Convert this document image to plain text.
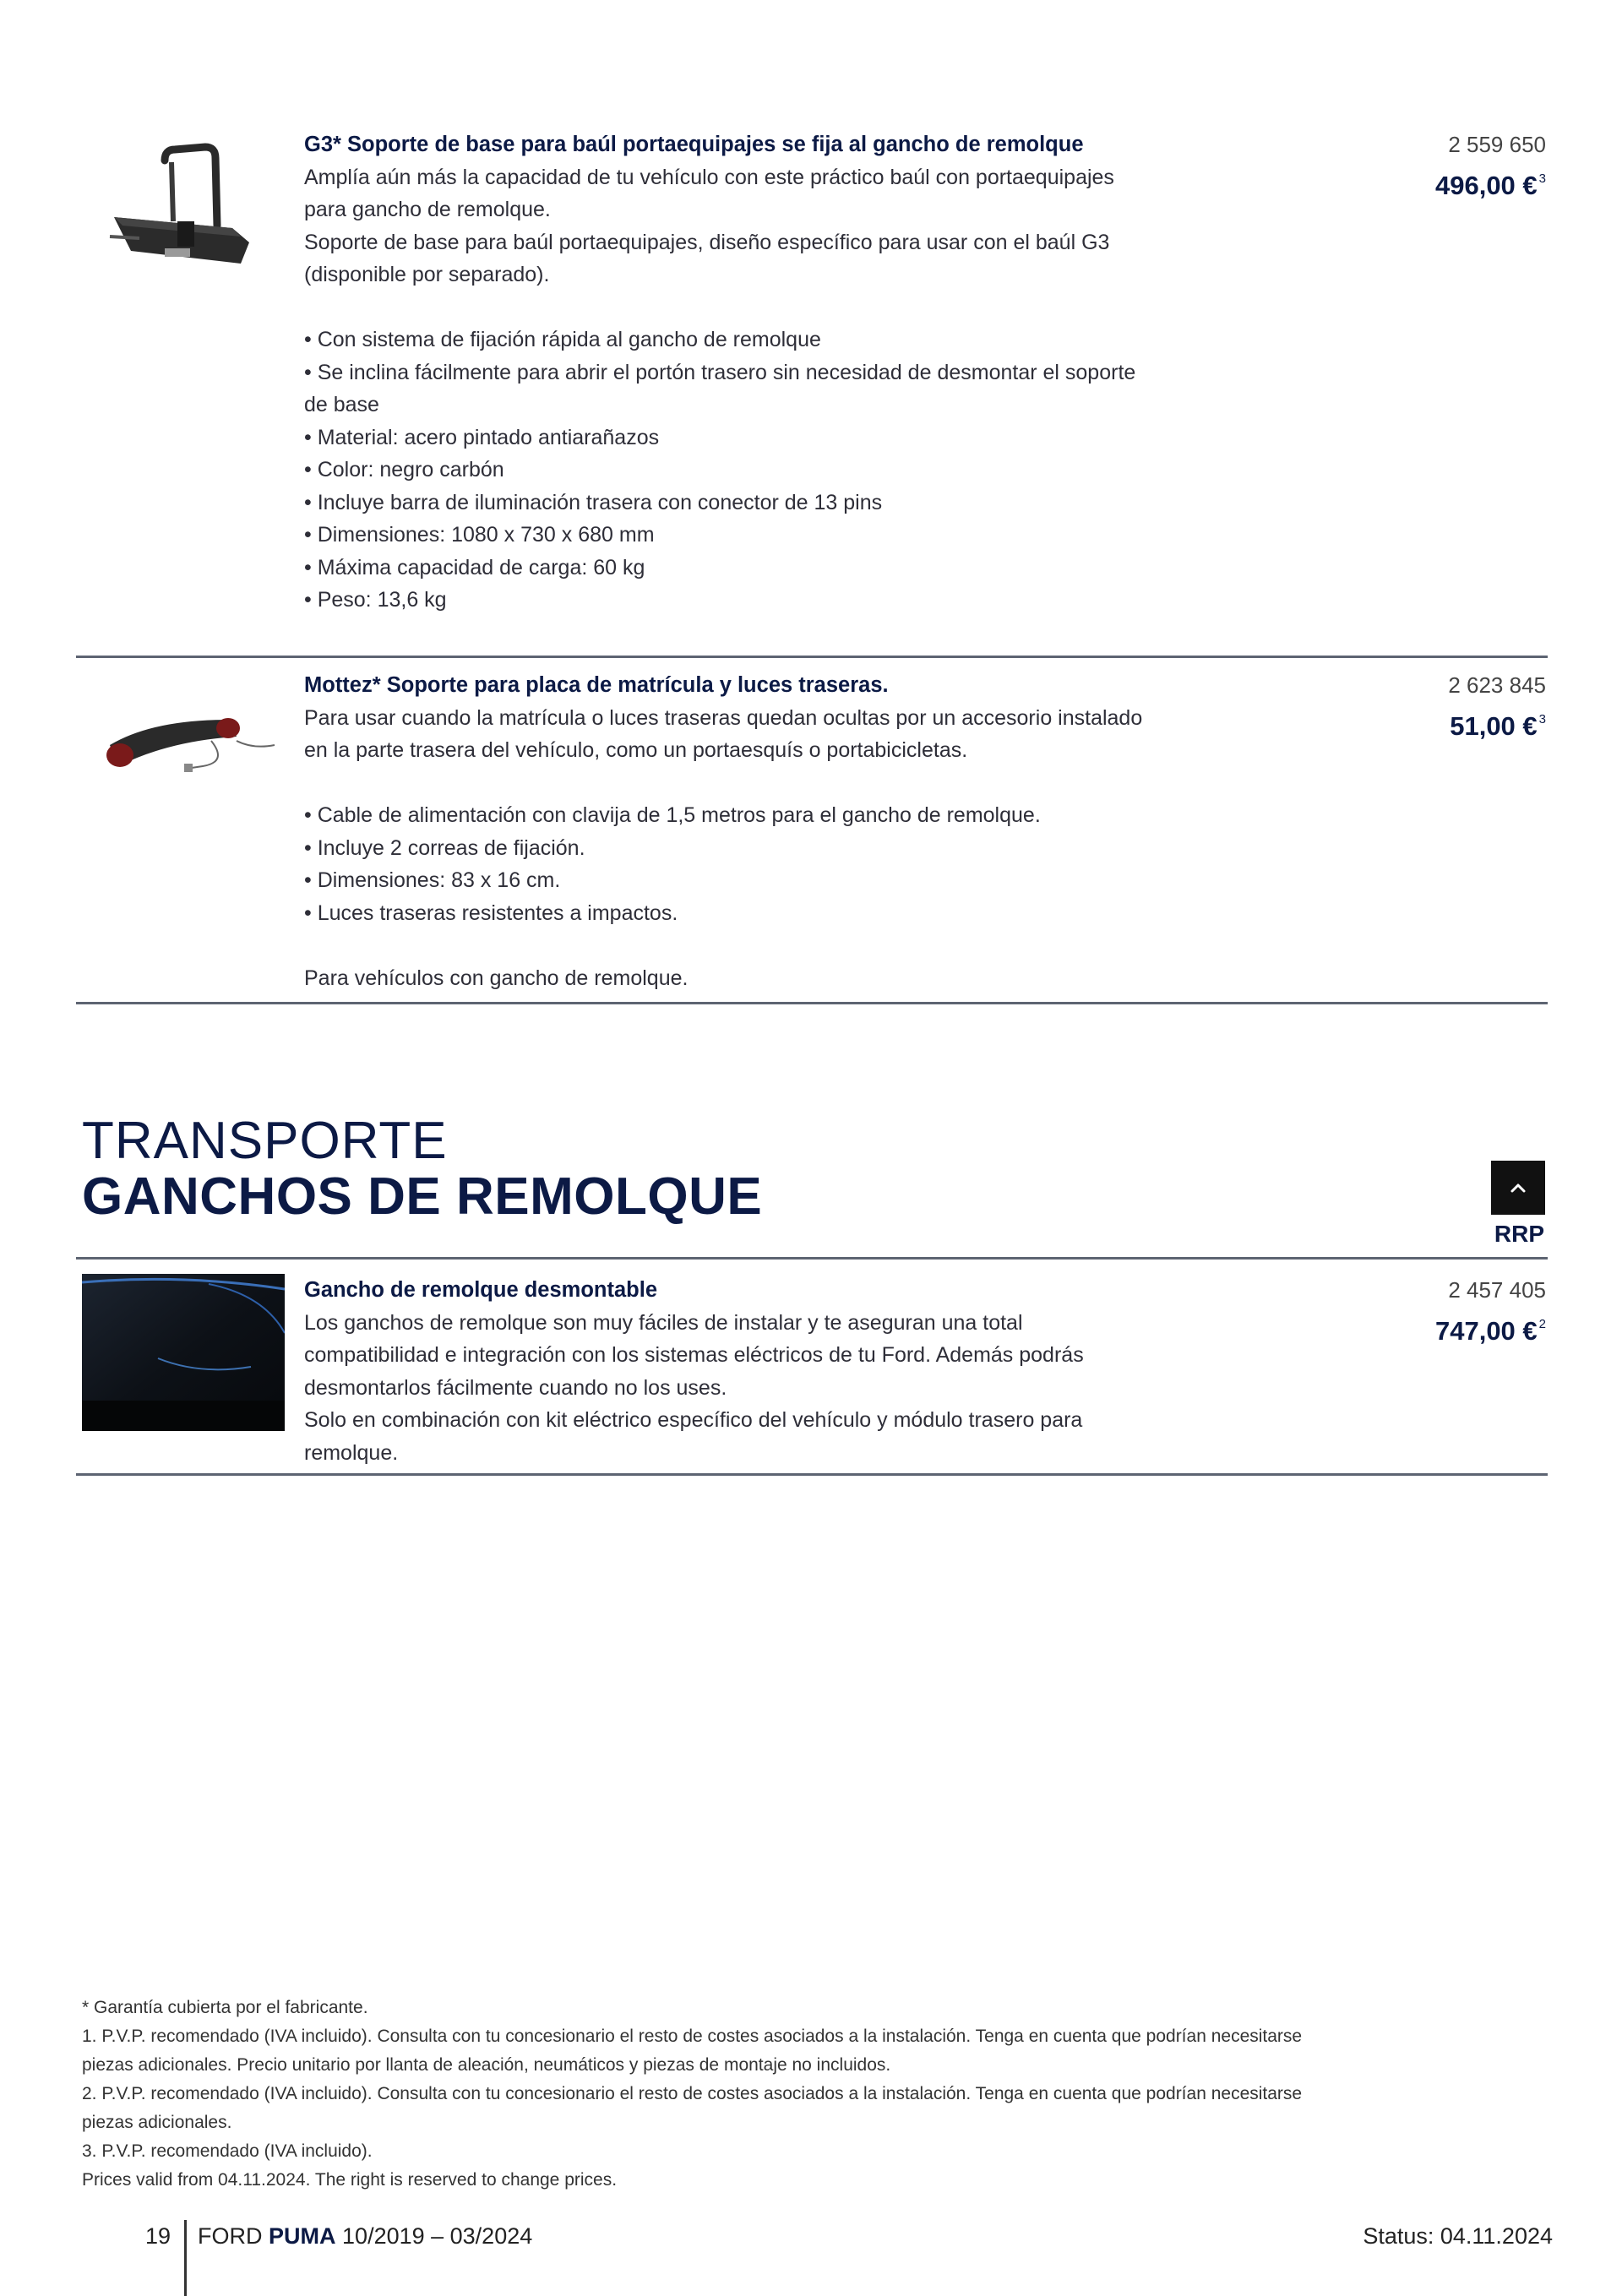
G3* Soporte de base para baúl portaequipajes se fija al gancho de remolque
Amplía aún más la capacidad de tu vehículo con este práctico baúl con portaequipajes
para gancho de remolque.
Soporte de base para baúl portaequipajes, diseño específico para usar con el baúl G3
(disponible por separado).
• Con sistema de fijación rápida al gancho de remolque
• Se inclina fácilmente para abrir el portón trasero sin necesidad de desmontar el soporte
de base
• Material: acero pintado antiarañazos
• Color: negro carbón
• Incluye barra de iluminación trasera con conector de 13 pins
• Dimensiones: 1080 x 730 x 680 mm
• Máxima capacidad de carga: 60 kg
• Peso: 13,6 kg
2 559 650
496,00 € $^3$
Mottez* Soporte para placa de matrícula y luces traseras.
Para usar cuando la matrícula o luces traseras quedan ocultas por un accesorio instalado
en la parte trasera del vehículo, como un portaesquís o portabicicletas.
• Cable de alimentación con clavija de 1,5 metros para el gancho de remolque.
• Incluye 2 correas de fijación.
• Dimensiones: 83 x 16 cm.
• Luces traseras resistentes a impactos.
Para vehículos con gancho de remolque.
2 623 845
51,00 € $^3$
TRANSPORTE
GANCHOS DE REMOLQUE
RRP
Gancho de remolque desmontable
Los ganchos de remolque son muy fáciles de instalar y te aseguran una total
compatibilidad e integración con los sistemas eléctricos de tu Ford. Además podrás
desmontarlos fácilmente cuando no los uses.
Solo en combinación con kit eléctrico específico del vehículo y módulo trasero para
remolque.
2 457 405
747,00 € $^2$
* Garantía cubierta por el fabricante.
1. P.V.P. recomendado (IVA incluido). Consulta con tu concesionario el resto de costes asociados a la instalación. Tenga en cuenta que podrían necesitarse
piezas adicionales. Precio unitario por llanta de aleación, neumáticos y piezas de montaje no incluidos.
2. P.V.P. recomendado (IVA incluido). Consulta con tu concesionario el resto de costes asociados a la instalación. Tenga en cuenta que podrían necesitarse
piezas adicionales.
3. P.V.P. recomendado (IVA incluido).
Prices valid from 04.11.2024. The right is reserved to change prices.
19 FORD PUMA 10/2019 – 03/2024	Status: 04.11.2024
